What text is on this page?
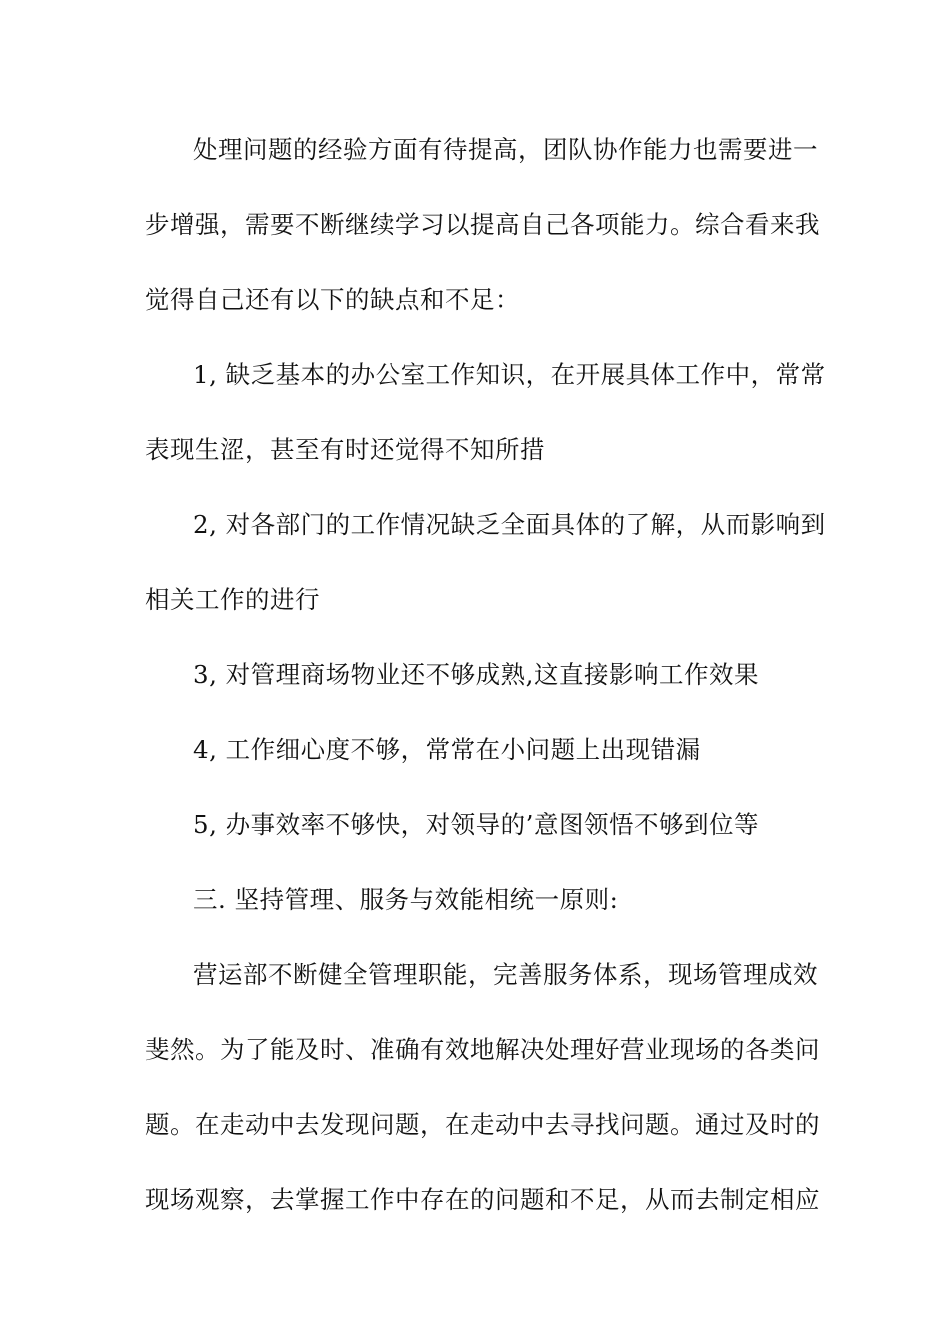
处理问题的经验方面有待提高，团队协作能力也需要进一

步增强，需要不断继续学习以提高自己各项能力。综合看来我

觉得自己还有以下的缺点和不足：

1, 缺乏基本的办公室工作知识，在开展具体工作中，常常

表现生涩，甚至有时还觉得不知所措

2, 对各部门的工作情况缺乏全面具体的了解，从而影响到

相关工作的进行

3, 对管理商场物业还不够成熟,这直接影响工作效果

4, 工作细心度不够，常常在小问题上出现错漏

5, 办事效率不够快，对领导的’意图领悟不够到位等

三. 坚持管理、服务与效能相统一原则:

营运部不断健全管理职能，完善服务体系，现场管理成效

斐然。为了能及时、准确有效地解决处理好营业现场的各类问

题。在走动中去发现问题，在走动中去寻找问题。通过及时的

现场观察，去掌握工作中存在的问题和不足，从而去制定相应
